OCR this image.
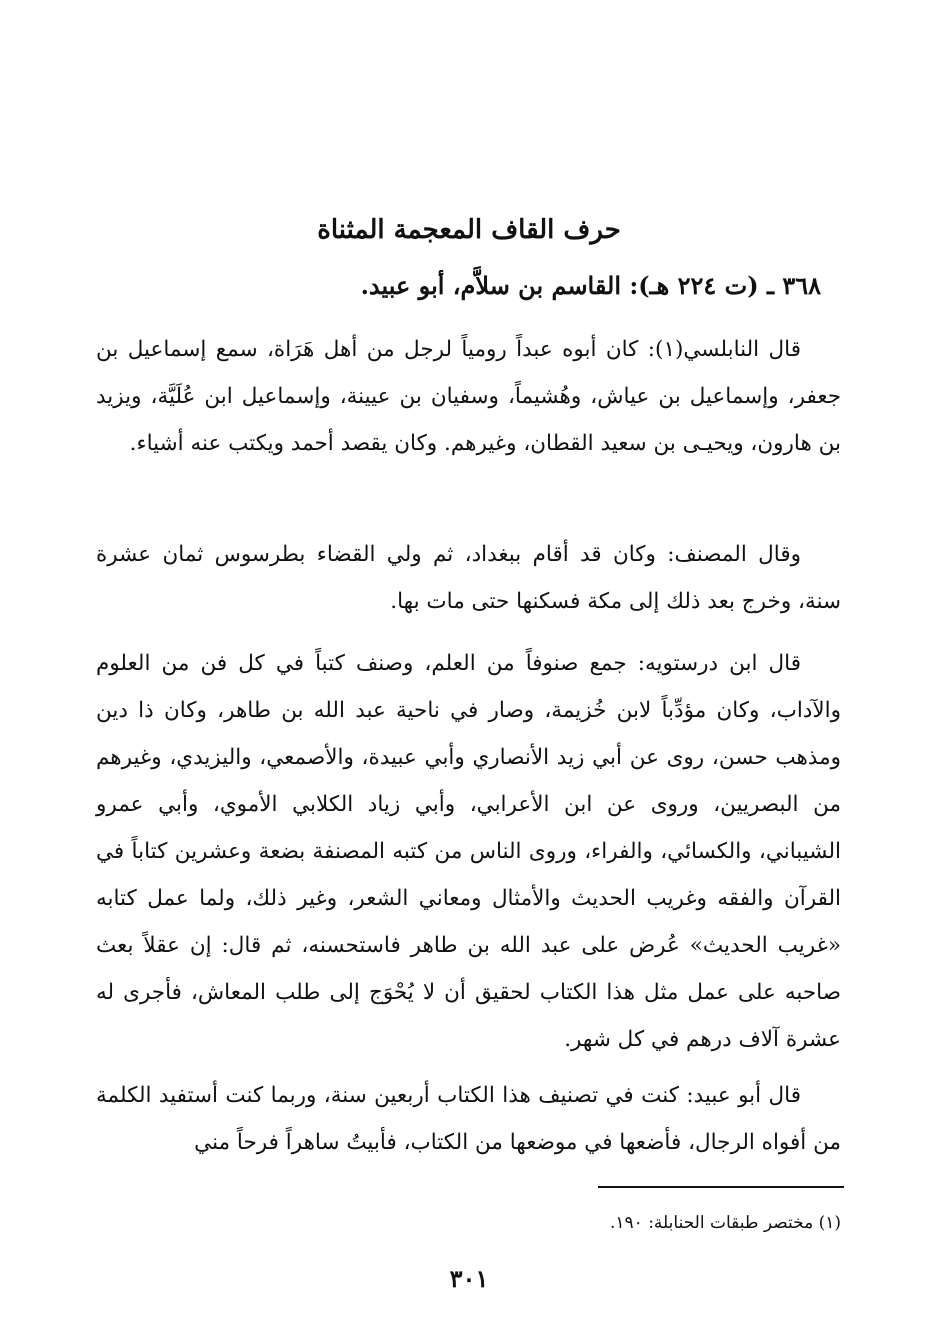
حرف القاف المعجمة المثناة
٣٦٨ ـ (ت ٢٢٤ هـ): القاسم بن سلاَّم، أبو عبيد.

قال النابلسي(١): كان أبوه عبداً رومياً لرجل من أهل هَرَاة، سمع إسماعيل بن جعفر، وإسماعيل بن عياش، وهُشيماً، وسفيان بن عيينة، وإسماعيل ابن عُلَيَّة، ويزيد بن هارون، ويحيـى بن سعيد القطان، وغيرهم. وكان يقصد أحمد ويكتب عنه أشياء.

وقال المصنف: وكان قد أقام ببغداد، ثم ولي القضاء بطرسوس ثمان عشرة سنة، وخرج بعد ذلك إلى مكة فسكنها حتى مات بها.

قال ابن درستويه: جمع صنوفاً من العلم، وصنف كتباً في كل فن من العلوم والآداب، وكان مؤدِّباً لابن خُزيمة، وصار في ناحية عبد الله بن طاهر، وكان ذا دين ومذهب حسن، روى عن أبي زيد الأنصاري وأبي عبيدة، والأصمعي، واليزيدي، وغيرهم من البصريين، وروى عن ابن الأعرابي، وأبي زياد الكلابي الأموي، وأبي عمرو الشيباني، والكسائي، والفراء، وروى الناس من كتبه المصنفة بضعة وعشرين كتاباً في القرآن والفقه وغريب الحديث والأمثال ومعاني الشعر، وغير ذلك، ولما عمل كتابه «غريب الحديث» عُرض على عبد الله بن طاهر فاستحسنه، ثم قال: إن عقلاً بعث صاحبه على عمل مثل هذا الكتاب لحقيق أن لا يُحْوَج إلى طلب المعاش، فأجرى له عشرة آلاف درهم في كل شهر.

قال أبو عبيد: كنت في تصنيف هذا الكتاب أربعين سنة، وربما كنت أستفيد الكلمة من أفواه الرجال، فأضعها في موضعها من الكتاب، فأبيتُ ساهراً فرحاً مني

(١) مختصر طبقات الحنابلة: ١٩٠.
٣٠١
